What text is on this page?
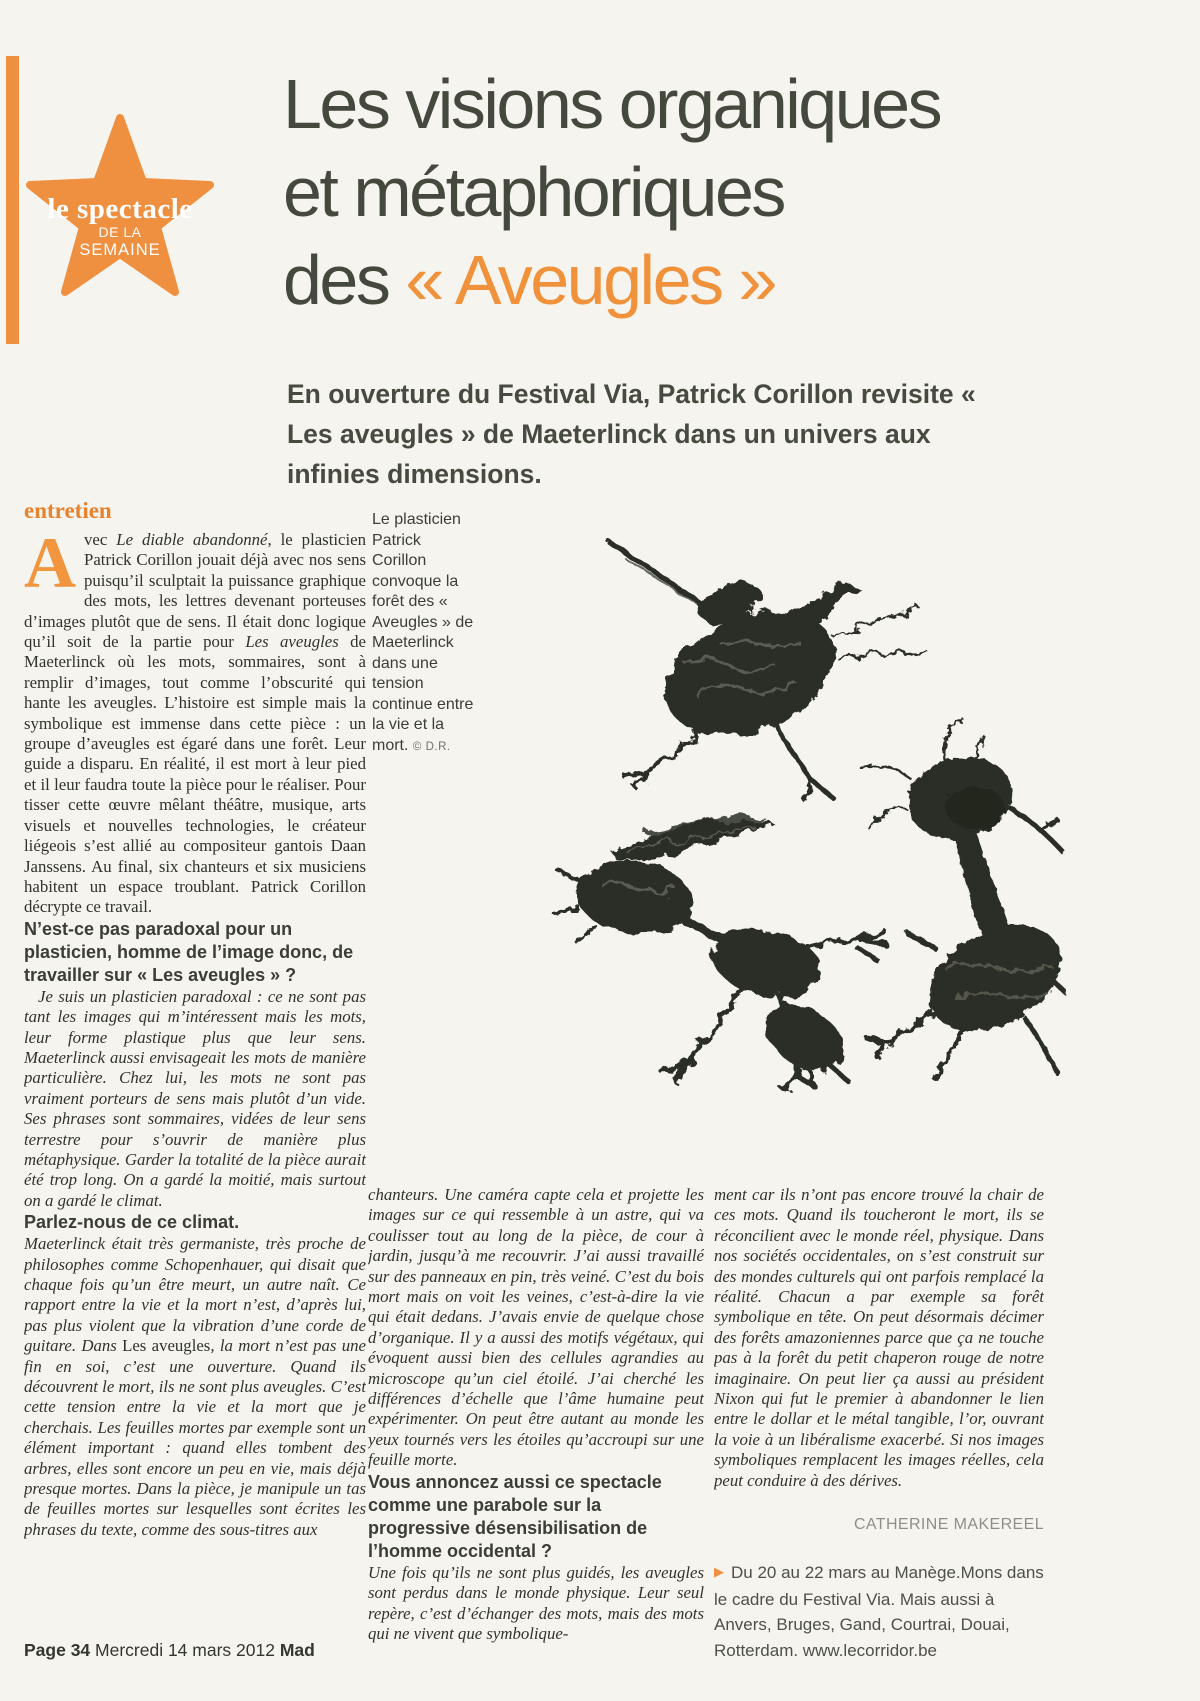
le spectacle
DE LA
SEMAINE
Les visions organiques
et métaphoriques
des « Aveugles »
En ouverture du Festival Via, Patrick Corillon revisite « Les aveugles » de Maeterlinck dans un univers aux infinies dimensions.
entretien

Avec Le diable abandonné, le plasticien Patrick Corillon jouait déjà avec nos sens puisqu’il sculptait la puissance graphique des mots, les lettres devenant porteuses d’images plutôt que de sens. Il était donc logique qu’il soit de la partie pour Les aveugles de Maeterlinck où les mots, sommaires, sont à remplir d’images, tout comme l’obscurité qui hante les aveugles. L’histoire est simple mais la symbolique est immense dans cette pièce : un groupe d’aveugles est égaré dans une forêt. Leur guide a disparu. En réalité, il est mort à leur pied et il leur faudra toute la pièce pour le réaliser. Pour tisser cette œuvre mêlant théâtre, musique, arts visuels et nouvelles technologies, le créateur liégeois s’est allié au compositeur gantois Daan Janssens. Au final, six chanteurs et six musiciens habitent un espace troublant. Patrick Corillon décrypte ce travail.

N’est-ce pas paradoxal pour un plasticien, homme de l’image donc, de travailler sur « Les aveugles » ?

Je suis un plasticien paradoxal : ce ne sont pas tant les images qui m’intéressent mais les mots, leur forme plastique plus que leur sens. Maeterlinck aussi envisageait les mots de manière particulière. Chez lui, les mots ne sont pas vraiment porteurs de sens mais plutôt d’un vide. Ses phrases sont sommaires, vidées de leur sens terrestre pour s’ouvrir de manière plus métaphysique. Garder la totalité de la pièce aurait été trop long. On a gardé la moitié, mais surtout on a gardé le climat.

Parlez-nous de ce climat.

Maeterlinck était très germaniste, très proche de philosophes comme Schopenhauer, qui disait que chaque fois qu’un être meurt, un autre naît. Ce rapport entre la vie et la mort n’est, d’après lui, pas plus violent que la vibration d’une corde de guitare. Dans Les aveugles, la mort n’est pas une fin en soi, c’est une ouverture. Quand ils découvrent le mort, ils ne sont plus aveugles. C’est cette tension entre la vie et la mort que je cherchais. Les feuilles mortes par exemple sont un élément important : quand elles tombent des arbres, elles sont encore un peu en vie, mais déjà presque mortes. Dans la pièce, je manipule un tas de feuilles mortes sur lesquelles sont écrites les phrases du texte, comme des sous-titres aux

Le plasticien Patrick Corillon convoque la forêt des « Aveugles » de Maeterlinck dans une tension continue entre la vie et la mort. © D.R.

chanteurs. Une caméra capte cela et projette les images sur ce qui ressemble à un astre, qui va coulisser tout au long de la pièce, de cour à jardin, jusqu’à me recouvrir. J’ai aussi travaillé sur des panneaux en pin, très veiné. C’est du bois mort mais on voit les veines, c’est-à-dire la vie qui était dedans. J’avais envie de quelque chose d’organique. Il y a aussi des motifs végétaux, qui évoquent aussi bien des cellules agrandies au microscope qu’un ciel étoilé. J’ai cherché les différences d’échelle que l’âme humaine peut expérimenter. On peut être autant au monde les yeux tournés vers les étoiles qu’accroupi sur une feuille morte.

Vous annoncez aussi ce spectacle comme une parabole sur la progressive désensibilisation de l’homme occidental ?

Une fois qu’ils ne sont plus guidés, les aveugles sont perdus dans le monde physique. Leur seul repère, c’est d’échanger des mots, mais des mots qui ne vivent que symbolique-

ment car ils n’ont pas encore trouvé la chair de ces mots. Quand ils toucheront le mort, ils se réconcilient avec le monde réel, physique. Dans nos sociétés occidentales, on s’est construit sur des mondes culturels qui ont parfois remplacé la réalité. Chacun a par exemple sa forêt symbolique en tête. On peut désormais décimer des forêts amazoniennes parce que ça ne touche pas à la forêt du petit chaperon rouge de notre imaginaire. On peut lier ça aussi au président Nixon qui fut le premier à abandonner le lien entre le dollar et le métal tangible, l’or, ouvrant la voie à un libéralisme exacerbé. Si nos images symboliques remplacent les images réelles, cela peut conduire à des dérives.

CATHERINE MAKEREEL
▶ Du 20 au 22 mars au Manège.Mons dans le cadre du Festival Via. Mais aussi à Anvers, Bruges, Gand, Courtrai, Douai, Rotterdam. www.lecorridor.be
Page 34 Mercredi 14 mars 2012 Mad
